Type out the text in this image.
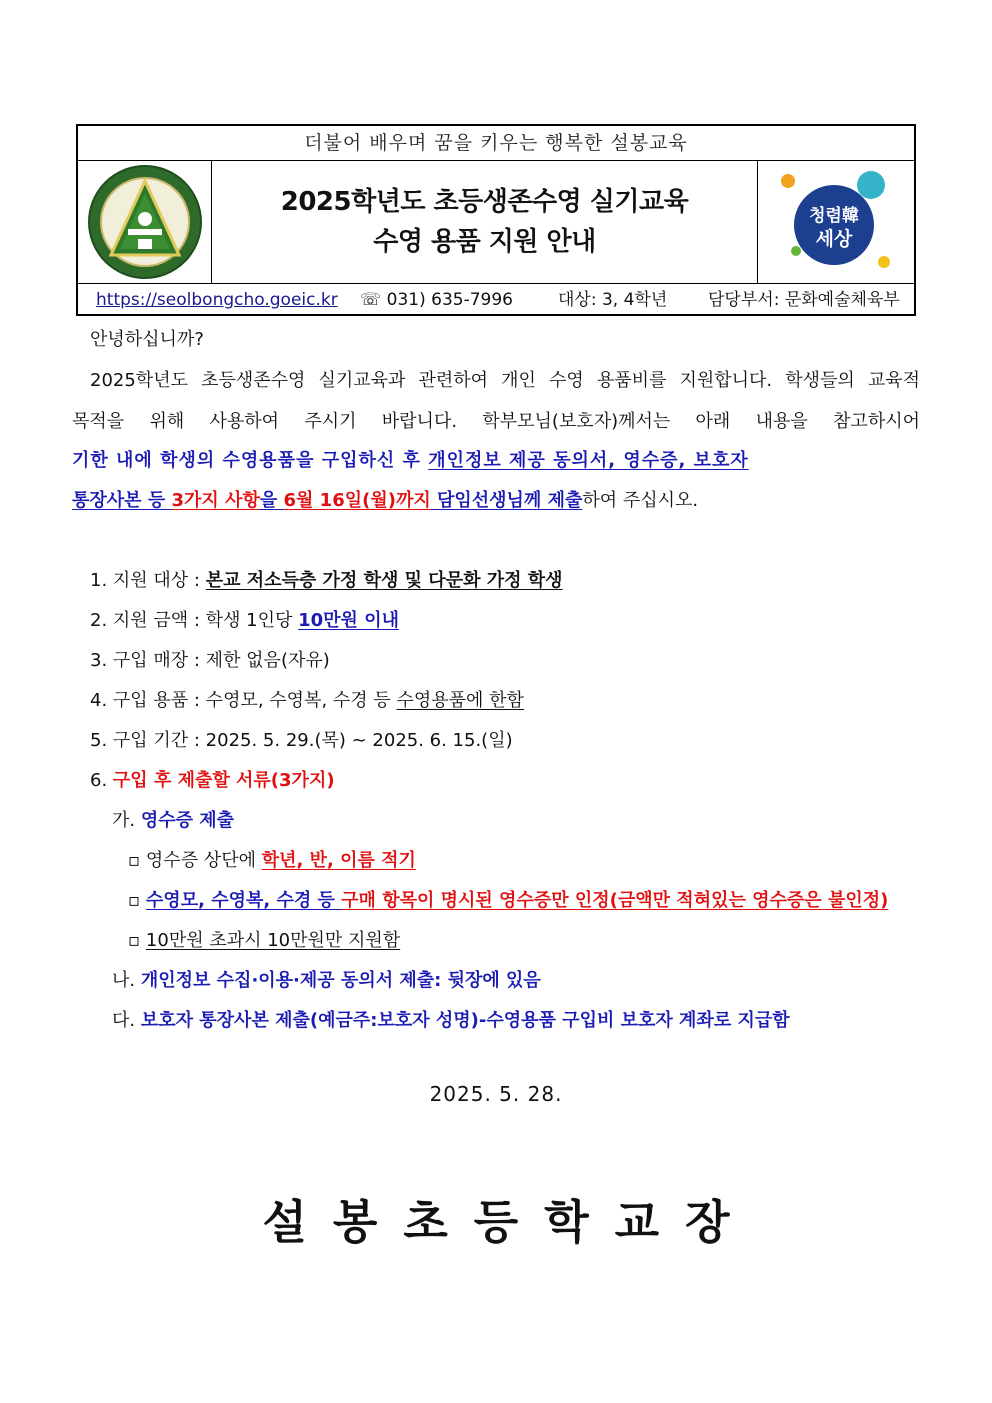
더불어 배우며 꿈을 키우는 행복한 설봉교육
2025학년도 초등생존수영 실기교육
수영 용품 지원 안내
청렴韓
세상
https://seolbongcho.goeic.kr ☏ 031) 635-7996	대상: 3, 4학년 담당부서: 문화예술체육부
안녕하십니까?
2025학년도 초등생존수영 실기교육과 관련하여 개인 수영 용품비를 지원합니다. 학생들의 교육적
목적을 위해 사용하여 주시기 바랍니다. 학부모님(보호자)께서는 아래 내용을 참고하시어
기한 내에 학생의 수영용품을 구입하신 후 개인정보 제공 동의서, 영수증, 보호자
통장사본 등 3가지 사항을 6월 16일(월)까지 담임선생님께 제출하여 주십시오.
1. 지원 대상 : 본교 저소득층 가정 학생 및 다문화 가정 학생
2. 지원 금액 : 학생 1인당 10만원 이내
3. 구입 매장 : 제한 없음(자유)
4. 구입 용품 : 수영모, 수영복, 수경 등 수영용품에 한함
5. 구입 기간 : 2025. 5. 29.(목) ~ 2025. 6. 15.(일)
6. 구입 후 제출할 서류(3가지)
가. 영수증 제출
▫ 영수증 상단에 학년, 반, 이름 적기
▫ 수영모, 수영복, 수경 등 구매 항목이 명시된 영수증만 인정(금액만 적혀있는 영수증은 불인정)
▫ 10만원 초과시 10만원만 지원함
나. 개인정보 수집·이용·제공 동의서 제출: 뒷장에 있음
다. 보호자 통장사본 제출(예금주:보호자 성명)-수영용품 구입비 보호자 계좌로 지급함
2025. 5. 28.
설봉초등학교장
